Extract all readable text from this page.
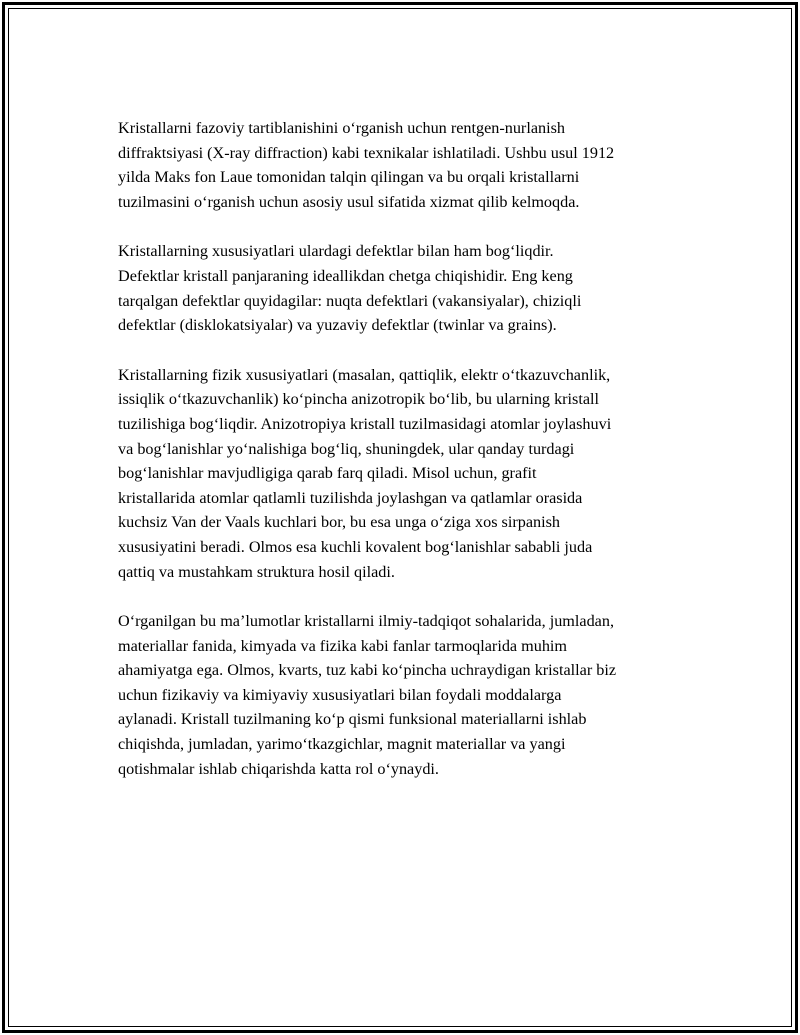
Kristallarni fazoviy tartiblanishini o‘rganish uchun rentgen-nurlanish
diffraktsiyasi (X-ray diffraction) kabi texnikalar ishlatiladi. Ushbu usul 1912
yilda Maks fon Laue tomonidan talqin qilingan va bu orqali kristallarni
tuzilmasini o‘rganish uchun asosiy usul sifatida xizmat qilib kelmoqda.

Kristallarning xususiyatlari ulardagi defektlar bilan ham bog‘liqdir.
Defektlar kristall panjaraning ideallikdan chetga chiqishidir. Eng keng
tarqalgan defektlar quyidagilar: nuqta defektlari (vakansiyalar), chiziqli
defektlar (disklokatsiyalar) va yuzaviy defektlar (twinlar va grains).

Kristallarning fizik xususiyatlari (masalan, qattiqlik, elektr o‘tkazuvchanlik,
issiqlik o‘tkazuvchanlik) ko‘pincha anizotropik bo‘lib, bu ularning kristall
tuzilishiga bog‘liqdir. Anizotropiya kristall tuzilmasidagi atomlar joylashuvi
va bog‘lanishlar yo‘nalishiga bog‘liq, shuningdek, ular qanday turdagi
bog‘lanishlar mavjudligiga qarab farq qiladi. Misol uchun, grafit
kristallarida atomlar qatlamli tuzilishda joylashgan va qatlamlar orasida
kuchsiz Van der Vaals kuchlari bor, bu esa unga o‘ziga xos sirpanish
xususiyatini beradi. Olmos esa kuchli kovalent bog‘lanishlar sababli juda
qattiq va mustahkam struktura hosil qiladi.

O‘rganilgan bu ma’lumotlar kristallarni ilmiy-tadqiqot sohalarida, jumladan,
materiallar fanida, kimyada va fizika kabi fanlar tarmoqlarida muhim
ahamiyatga ega. Olmos, kvarts, tuz kabi ko‘pincha uchraydigan kristallar biz
uchun fizikaviy va kimiyaviy xususiyatlari bilan foydali moddalarga
aylanadi. Kristall tuzilmaning ko‘p qismi funksional materiallarni ishlab
chiqishda, jumladan, yarimo‘tkazgichlar, magnit materiallar va yangi
qotishmalar ishlab chiqarishda katta rol o‘ynaydi.
